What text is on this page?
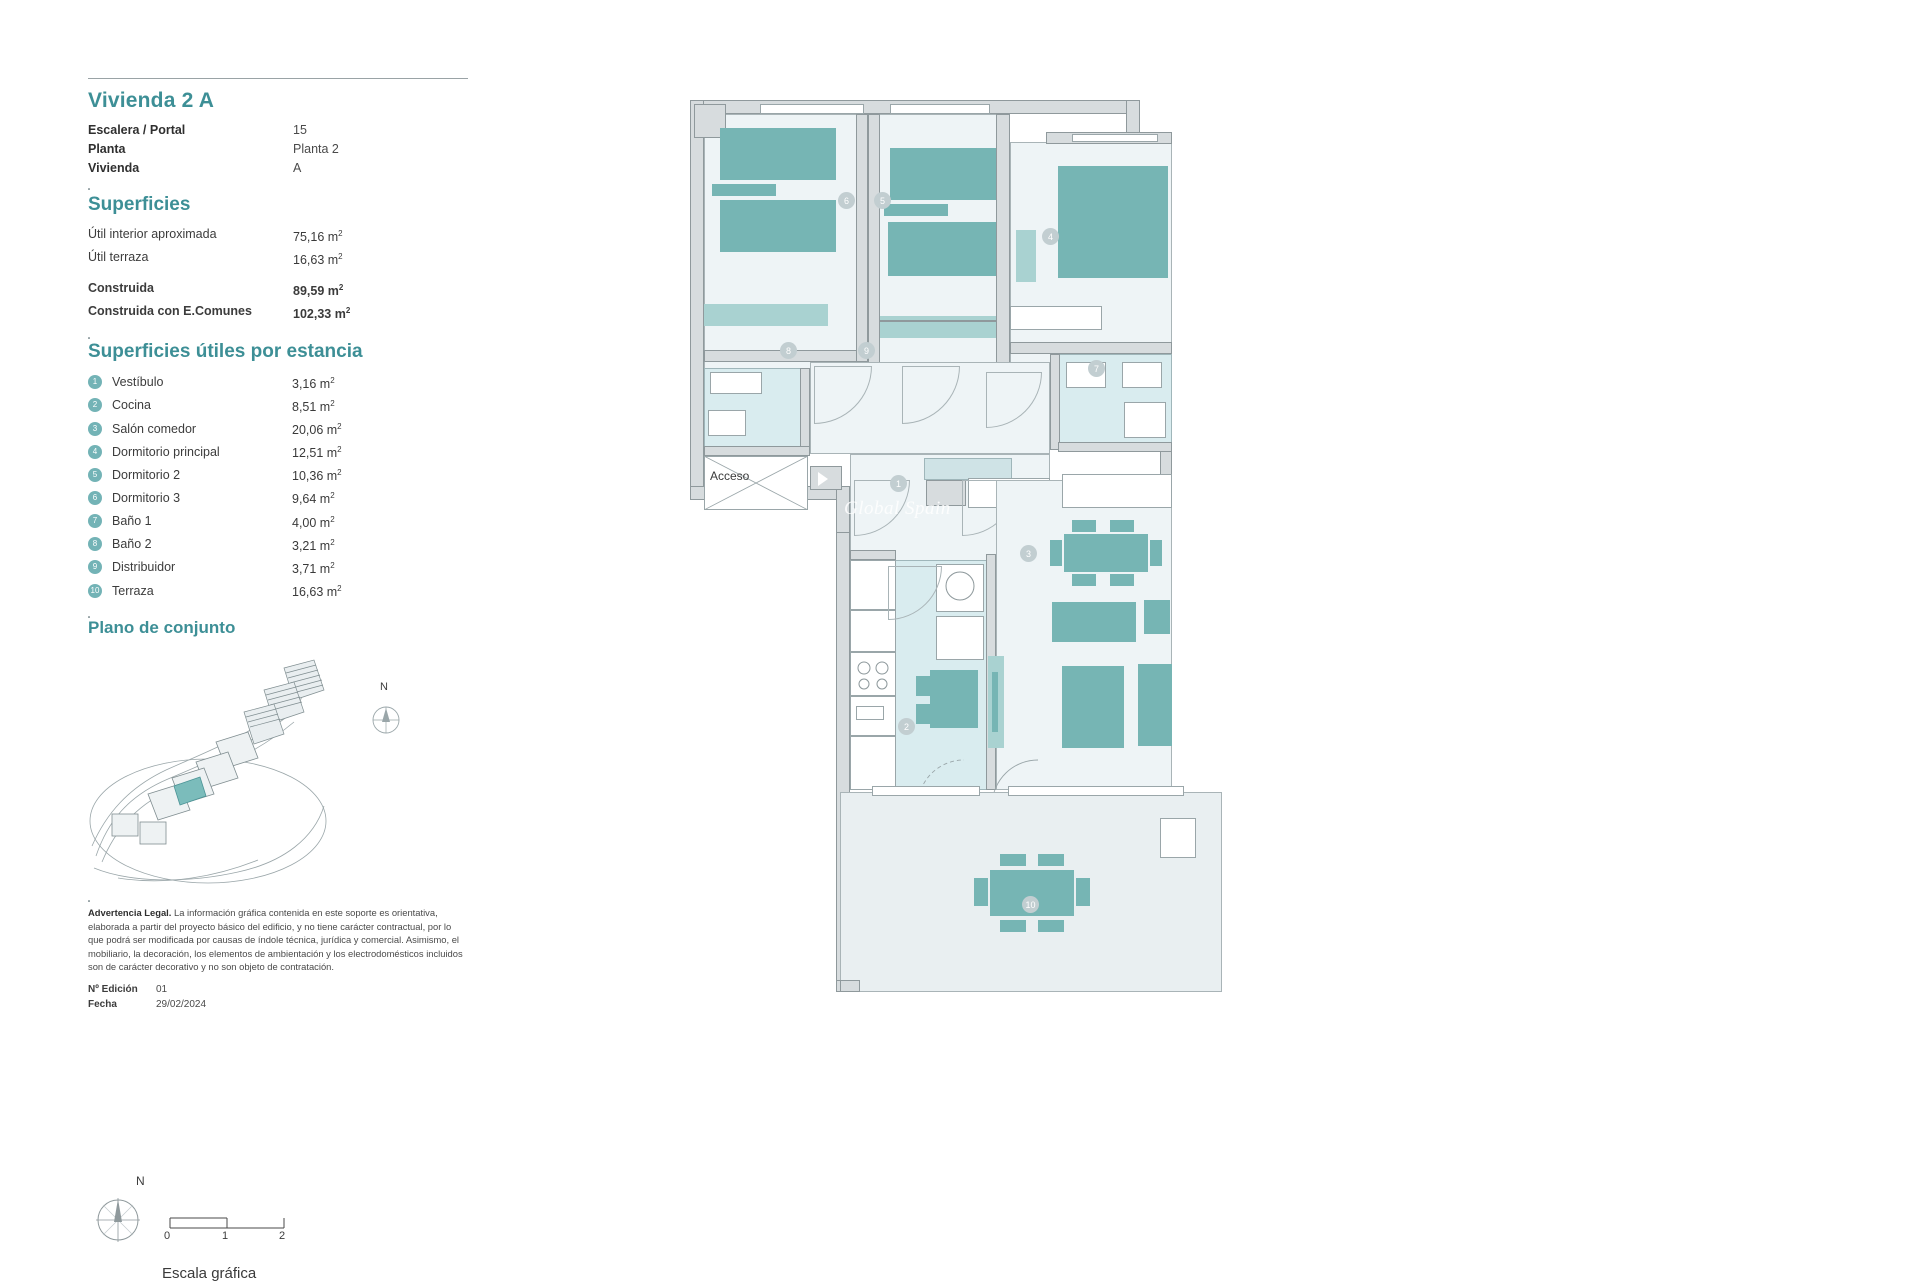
Vivienda 2 A
Escalera / Portal	15
Planta	Planta 2
Vivienda	A
Superficies
Útil interior aproximada	75,16 $m^2$
Útil terraza	16,63 $m^2$
Construida	89,59 $m^2$
Construida con E.Comunes	102,33 $m^2$
Superficies útiles por estancia
1	Vestíbulo	3,16 $m^2$
2	Cocina	8,51 $m^2$
3	Salón comedor	20,06 $m^2$
4	Dormitorio principal	12,51 $m^2$
5	Dormitorio 2	10,36 $m^2$
6	Dormitorio 3	9,64 $m^2$
7	Baño 1	4,00 $m^2$
8	Baño 2	3,21 $m^2$
9	Distribuidor	3,71 $m^2$
10 Terraza	16,63 $m^2$
Plano de conjunto
N
Advertencia Legal. La información gráfica contenida en este soporte es orientativa, elaborada a partir del proyecto básico del edificio, y no tiene carácter contractual, por lo que podrá ser modificada por causas de índole técnica, jurídica y comercial. Asimismo, el mobiliario, la decoración, los elementos de ambientación y los electrodomésticos incluidos son de carácter decorativo y no son objeto de contratación.
Nº Edición	01
Fecha	29/02/2024
N
0	1	2
Escala gráfica
Acceso
Global Spain
1
2
3
4
5
6
7
8	9
10
